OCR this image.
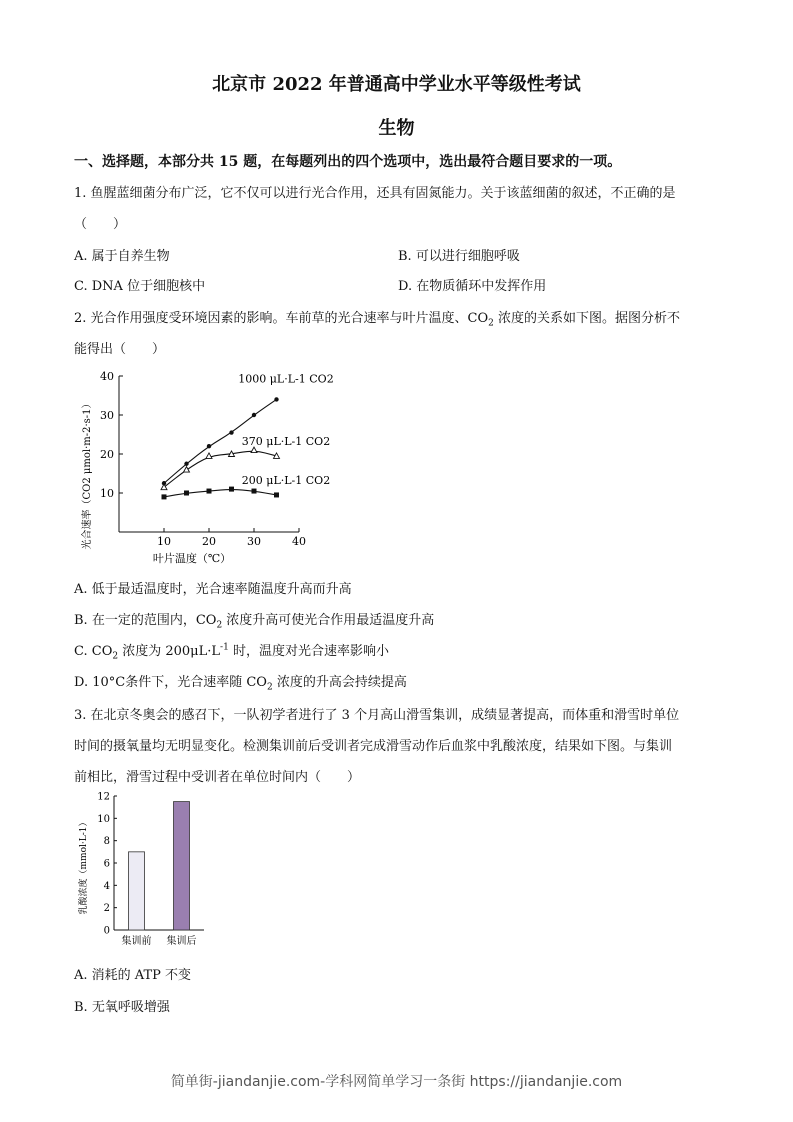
北京市 2022 年普通高中学业水平等级性考试
生物
一、选择题，本部分共 15 题，在每题列出的四个选项中，选出最符合题目要求的一项。
1. 鱼腥蓝细菌分布广泛，它不仅可以进行光合作用，还具有固氮能力。关于该蓝细菌的叙述，不正确的是
（　　）
A. 属于自养生物	B. 可以进行细胞呼吸
C. DNA 位于细胞核中	D. 在物质循环中发挥作用
2. 光合作用强度受环境因素的影响。车前草的光合速率与叶片温度、$CO_2$ 浓度的关系如下图。据图分析不
能得出（　　）
10	20	30	40
10
20
30
40	1000 μL·L-1 CO2
370 μL·L-1 CO2
200 μL·L-1 CO2
叶片温度（℃）
光合速率（CO2 μmol·m-2·s-1）
A. 低于最适温度时，光合速率随温度升高而升高
B. 在一定的范围内，$CO_2$ 浓度升高可使光合作用最适温度升高
C. $CO_2$ 浓度为 $200\mu L\cdot L^{-1}$ 时，温度对光合速率影响小
D. 10°C条件下，光合速率随 $CO_2$ 浓度的升高会持续提高
3. 在北京冬奥会的感召下，一队初学者进行了 3 个月高山滑雪集训，成绩显著提高，而体重和滑雪时单位
时间的摄氧量均无明显变化。检测集训前后受训者完成滑雪动作后血浆中乳酸浓度，结果如下图。与集训
前相比，滑雪过程中受训者在单位时间内（　　）
0
2
4
6
8
10
12
集训前 集训后
乳酸浓度（mmol·L-1）
A. 消耗的 ATP 不变
B. 无氧呼吸增强
简单街-jiandanjie.com-学科网简单学习一条街 https://jiandanjie.com
